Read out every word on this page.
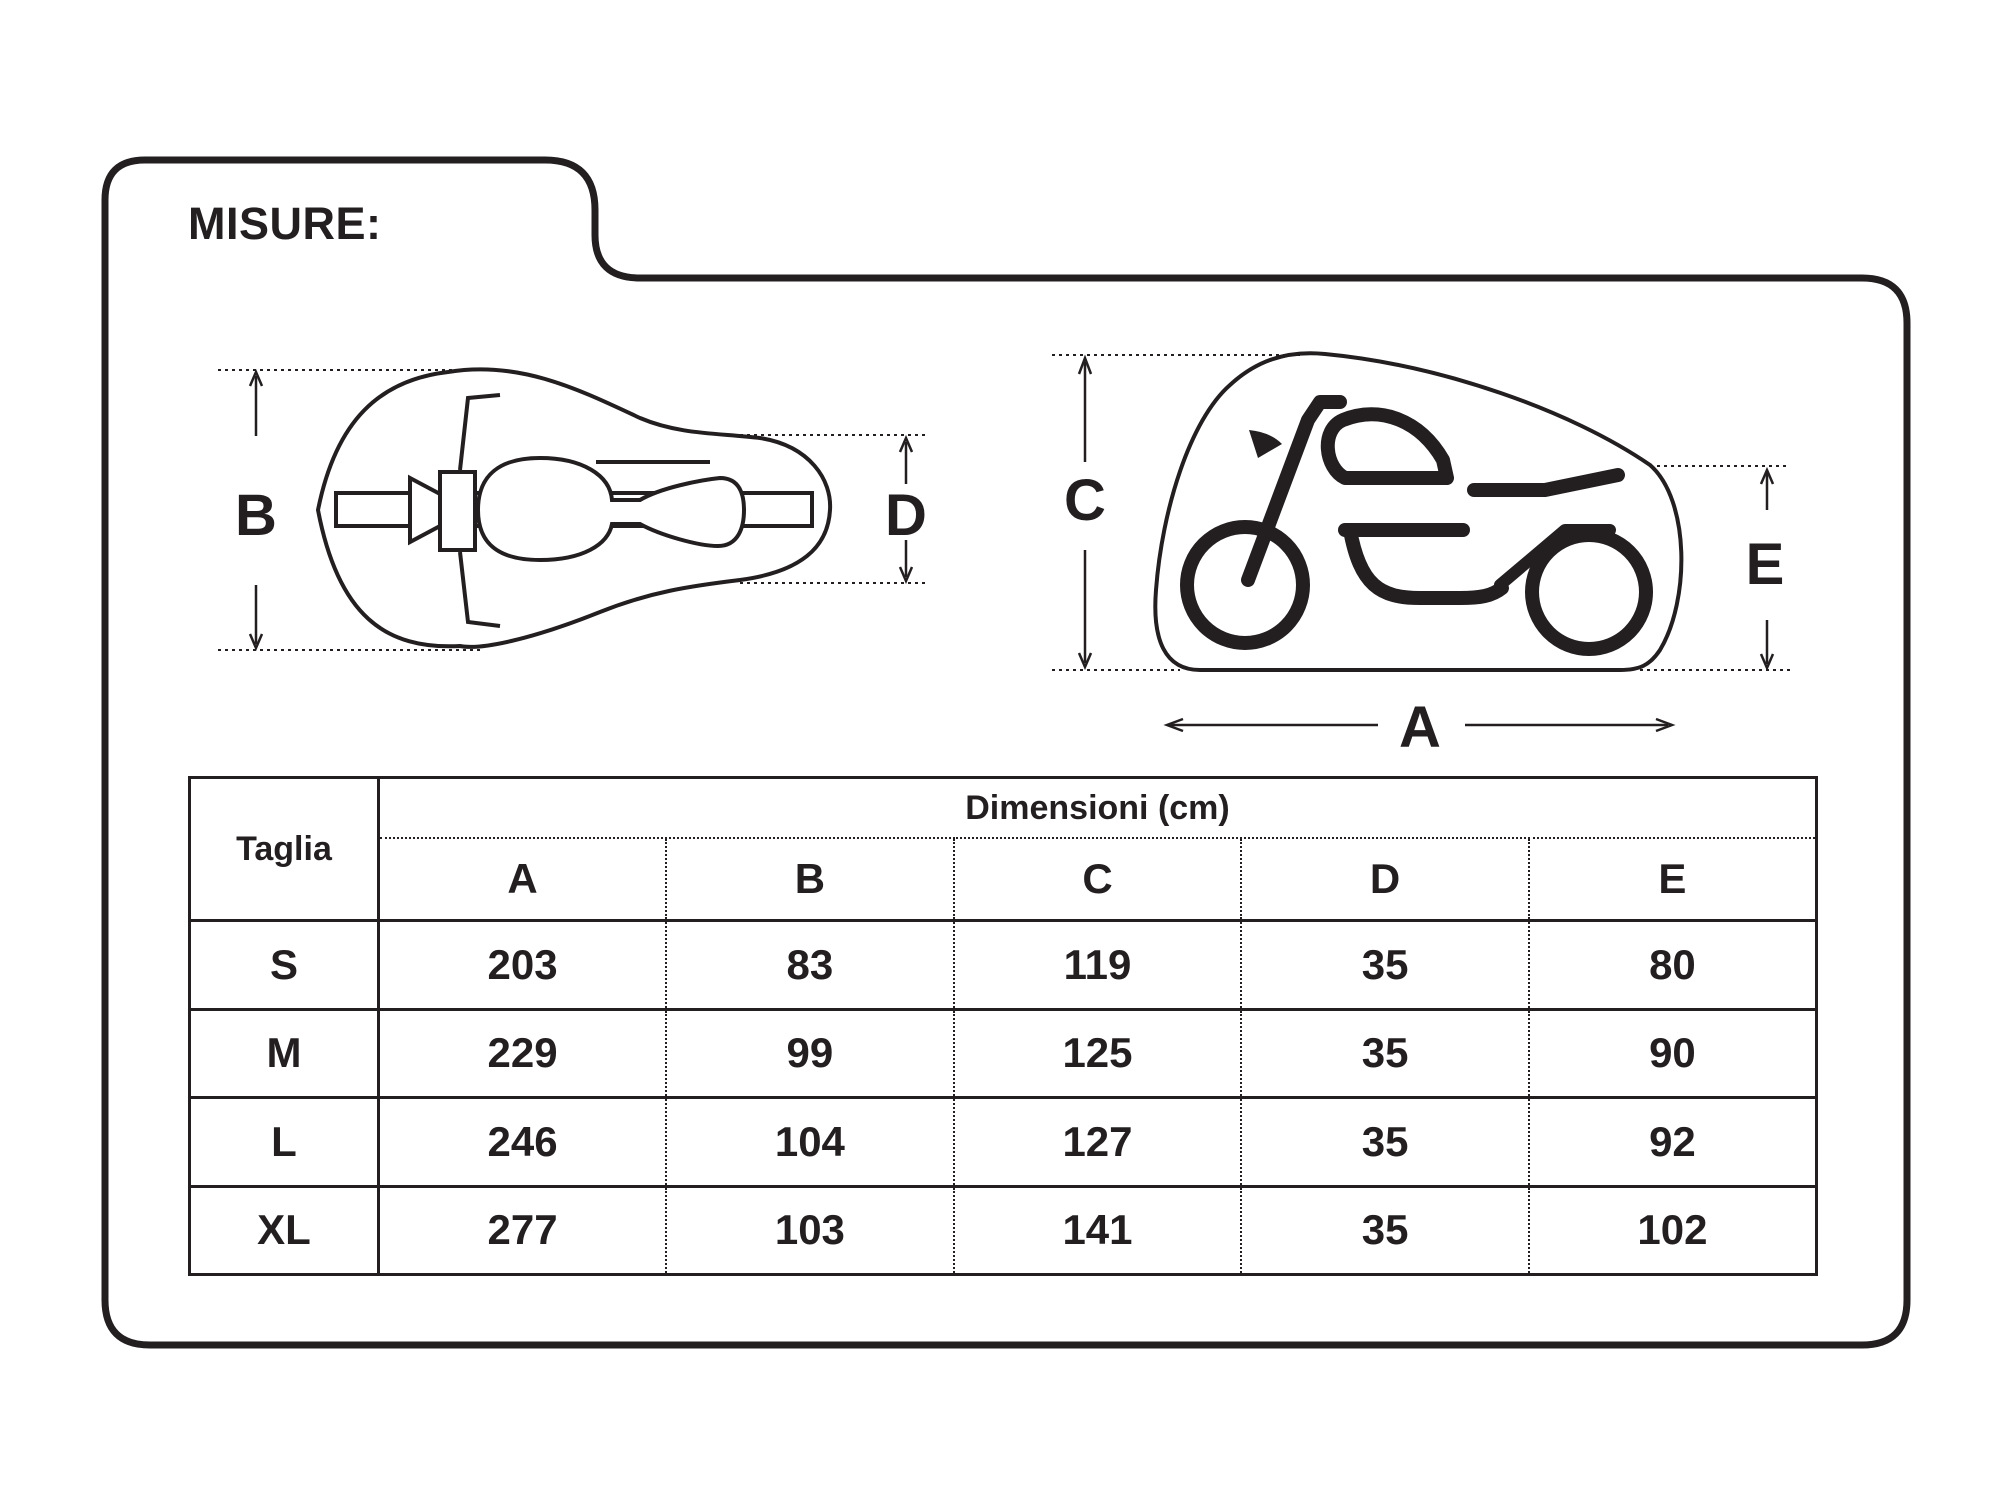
B	D C
E
A
MISURE:
Taglia	Dimensioni (cm)				
	A	B	C	D	E
S	203	83	119	35	80
M	229	99	125	35	90
L	246	104	127	35	92
XL	277	103	141	35	102
